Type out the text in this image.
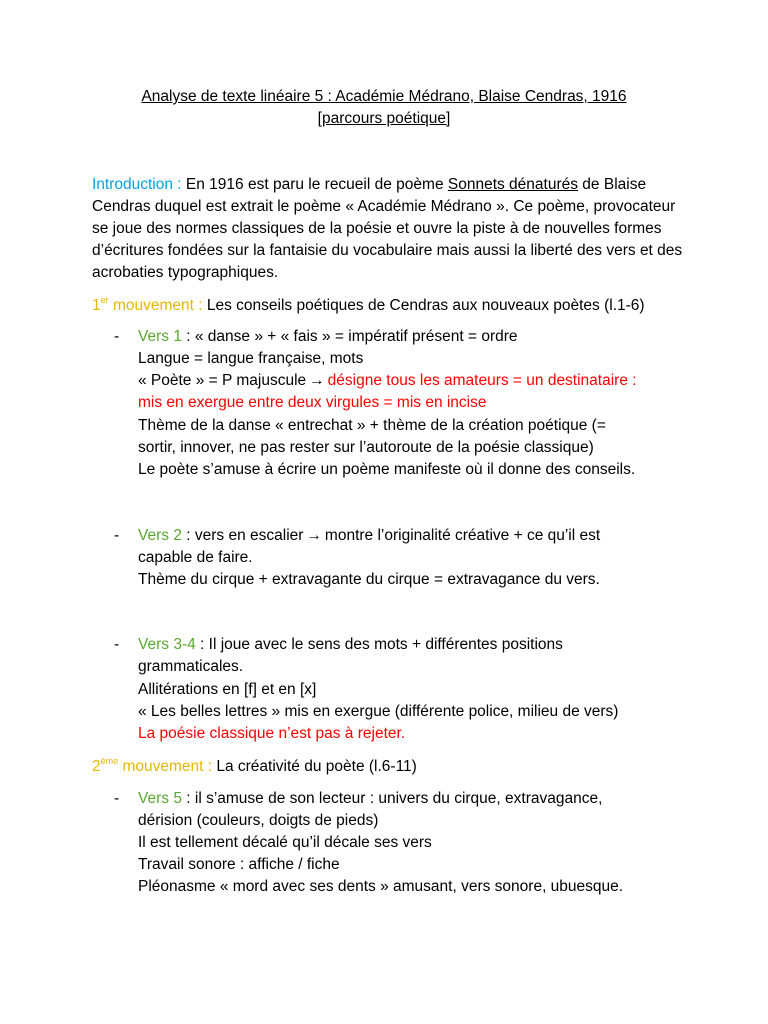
Analyse de texte linéaire 5 : Académie Médrano, Blaise Cendras, 1916
[parcours poétique]
Introduction : En 1916 est paru le recueil de poème Sonnets dénaturés de Blaise Cendras duquel est extrait le poème « Académie Médrano ». Ce poème, provocateur se joue des normes classiques de la poésie et ouvre la piste à de nouvelles formes d’écritures fondées sur la fantaisie du vocabulaire mais aussi la liberté des vers et des acrobaties typographiques.
1er mouvement : Les conseils poétiques de Cendras aux nouveaux poètes (l.1-6)
- Vers 1 : « danse » + « fais » = impératif présent = ordre
Langue = langue française, mots
« Poète » = P majuscule → désigne tous les amateurs = un destinataire :
mis en exergue entre deux virgules = mis en incise
Thème de la danse « entrechat » + thème de la création poétique (=
sortir, innover, ne pas rester sur l’autoroute de la poésie classique)
Le poète s’amuse à écrire un poème manifeste où il donne des conseils.
- Vers 2 : vers en escalier → montre l’originalité créative + ce qu’il est
capable de faire.
Thème du cirque + extravagante du cirque = extravagance du vers.
- Vers 3-4 : Il joue avec le sens des mots + différentes positions
grammaticales.
Allitérations en [f] et en [x]
« Les belles lettres » mis en exergue (différente police, milieu de vers)
La poésie classique n’est pas à rejeter.
2ème mouvement : La créativité du poète (l.6-11)
- Vers 5 : il s’amuse de son lecteur : univers du cirque, extravagance,
dérision (couleurs, doigts de pieds)
Il est tellement décalé qu’il décale ses vers
Travail sonore : affiche / fiche
Pléonasme « mord avec ses dents » amusant, vers sonore, ubuesque.
